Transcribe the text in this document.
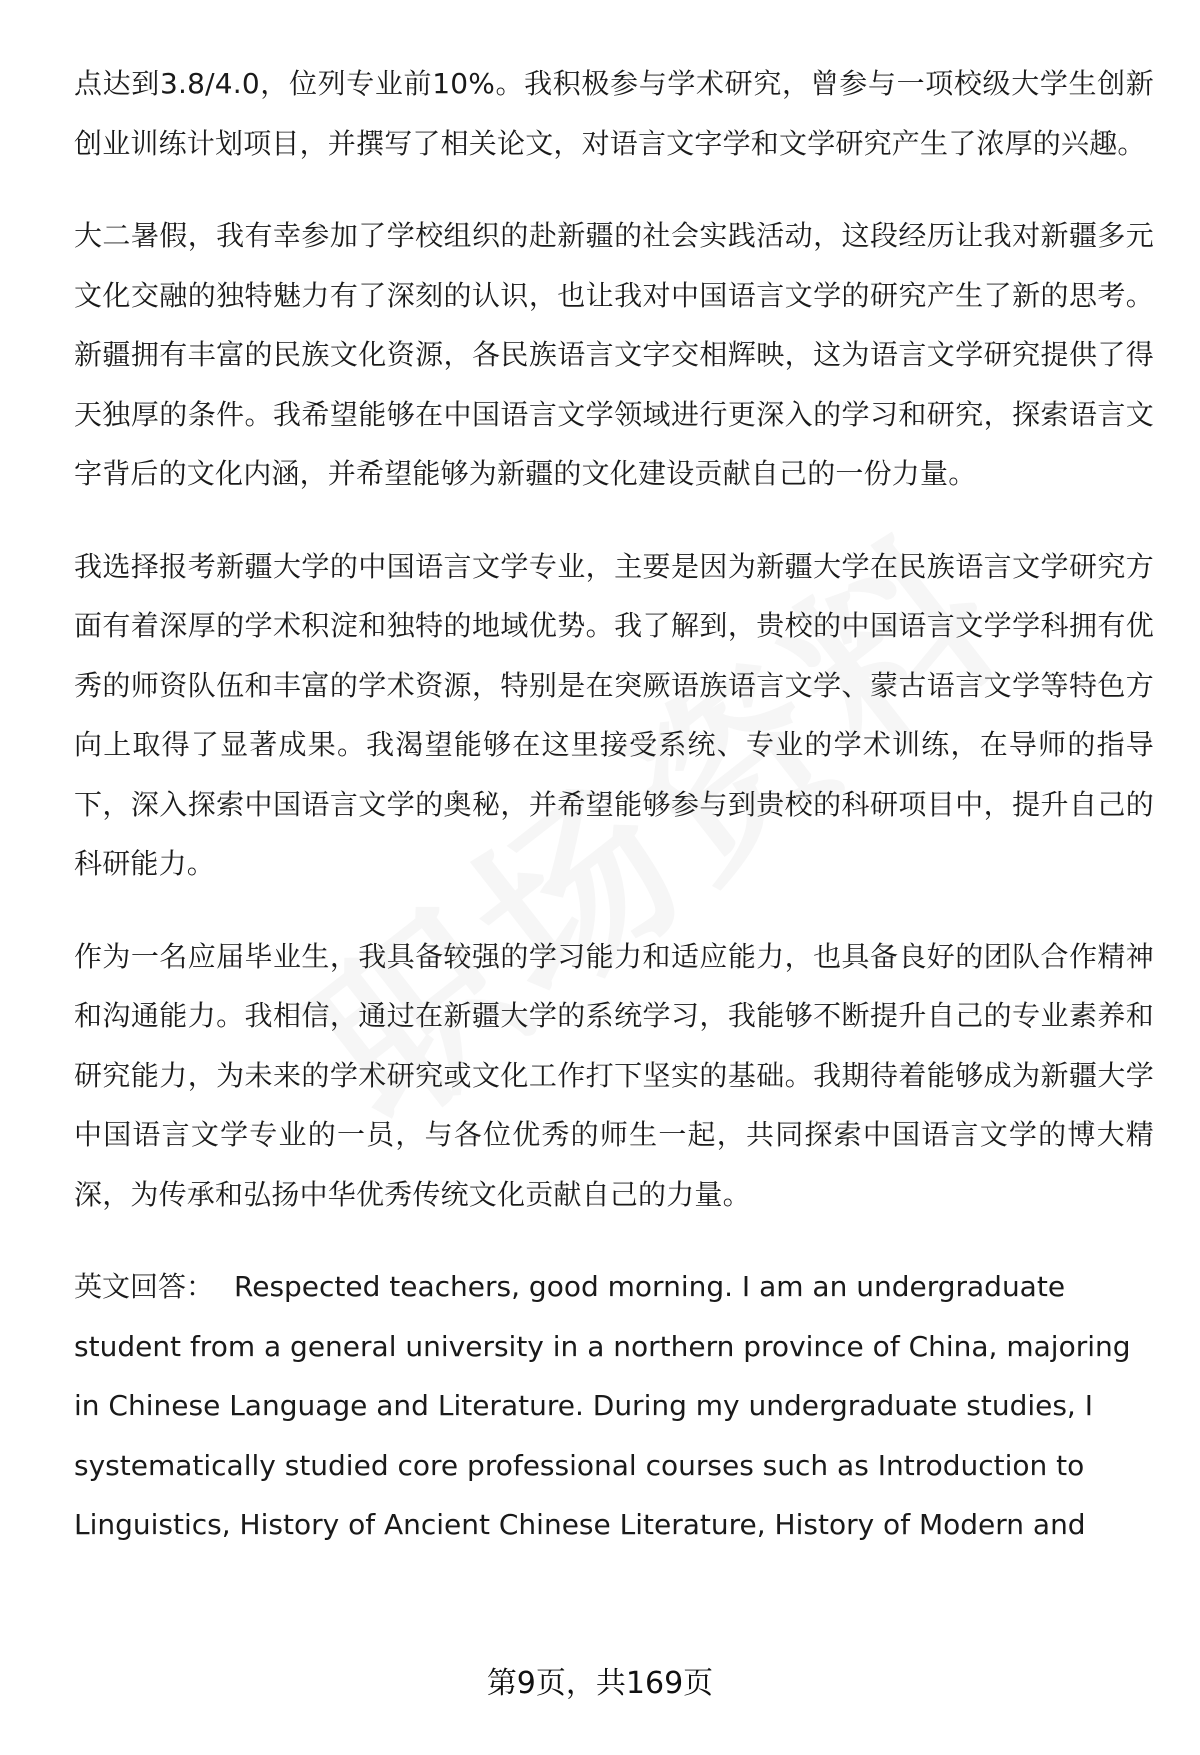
点达到3.8/4.0，位列专业前10%。我积极参与学术研究，曾参与一项校级大学生创新创业训练计划项目，并撰写了相关论文，对语言文字学和文学研究产生了浓厚的兴趣。

大二暑假，我有幸参加了学校组织的赴新疆的社会实践活动，这段经历让我对新疆多元文化交融的独特魅力有了深刻的认识，也让我对中国语言文学的研究产生了新的思考。新疆拥有丰富的民族文化资源，各民族语言文字交相辉映，这为语言文学研究提供了得天独厚的条件。我希望能够在中国语言文学领域进行更深入的学习和研究，探索语言文字背后的文化内涵，并希望能够为新疆的文化建设贡献自己的一份力量。

我选择报考新疆大学的中国语言文学专业，主要是因为新疆大学在民族语言文学研究方面有着深厚的学术积淀和独特的地域优势。我了解到，贵校的中国语言文学学科拥有优秀的师资队伍和丰富的学术资源，特别是在突厥语族语言文学、蒙古语言文学等特色方向上取得了显著成果。我渴望能够在这里接受系统、专业的学术训练，在导师的指导下，深入探索中国语言文学的奥秘，并希望能够参与到贵校的科研项目中，提升自己的科研能力。

作为一名应届毕业生，我具备较强的学习能力和适应能力，也具备良好的团队合作精神和沟通能力。我相信，通过在新疆大学的系统学习，我能够不断提升自己的专业素养和研究能力，为未来的学术研究或文化工作打下坚实的基础。我期待着能够成为新疆大学中国语言文学专业的一员，与各位优秀的师生一起，共同探索中国语言文学的博大精深，为传承和弘扬中华优秀传统文化贡献自己的力量。

英文回答： Respected teachers, good morning. I am an undergraduate student from a general university in a northern province of China, majoring in Chinese Language and Literature. During my undergraduate studies, I systematically studied core professional courses such as Introduction to Linguistics, History of Ancient Chinese Literature, History of Modern and

第9页，共169页
